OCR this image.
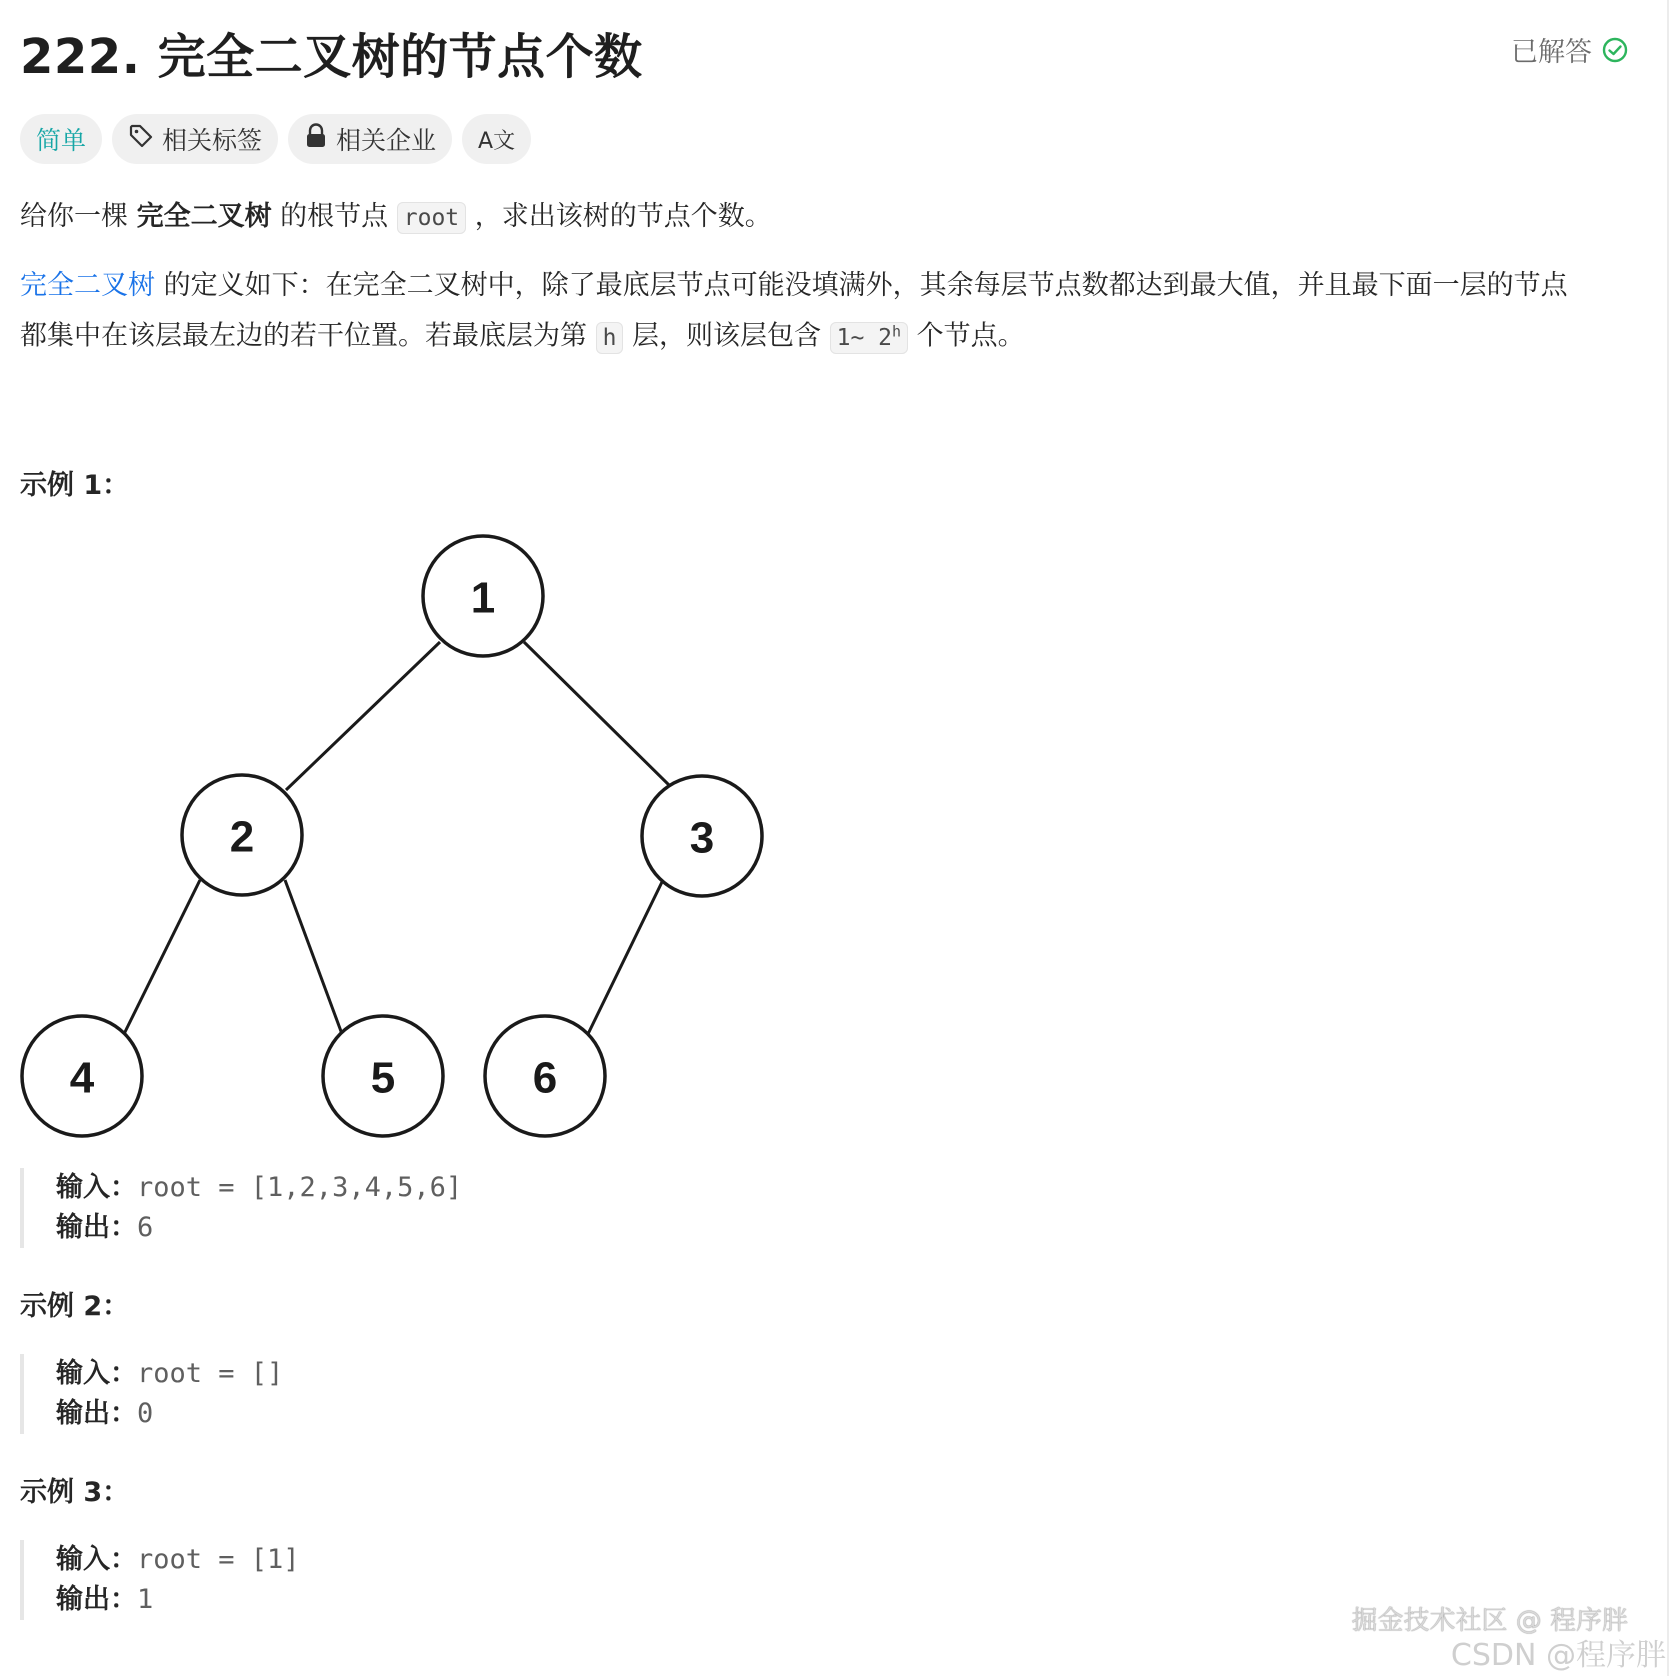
222. 完全二叉树的节点个数	已解答
简单	相关标签	相关企业 A文
给你一棵 完全二叉树 的根节点 root ，求出该树的节点个数。
完全二叉树 的定义如下：在完全二叉树中，除了最底层节点可能没填满外，其余每层节点数都达到最大值，并且最下面一层的节点
都集中在该层最左边的若干位置。若最底层为第 h 层，则该层包含 1~ 2$^h$ 个节点。
示例 1：
1
2	3
4	5	6
输入：root = [1,2,3,4,5,6]
输出：6
示例 2：
输入：root = []
输出：0
示例 3：
输入：root = [1]
输出：1
掘金技术社区 @ 程序胖
CSDN @程序胖
